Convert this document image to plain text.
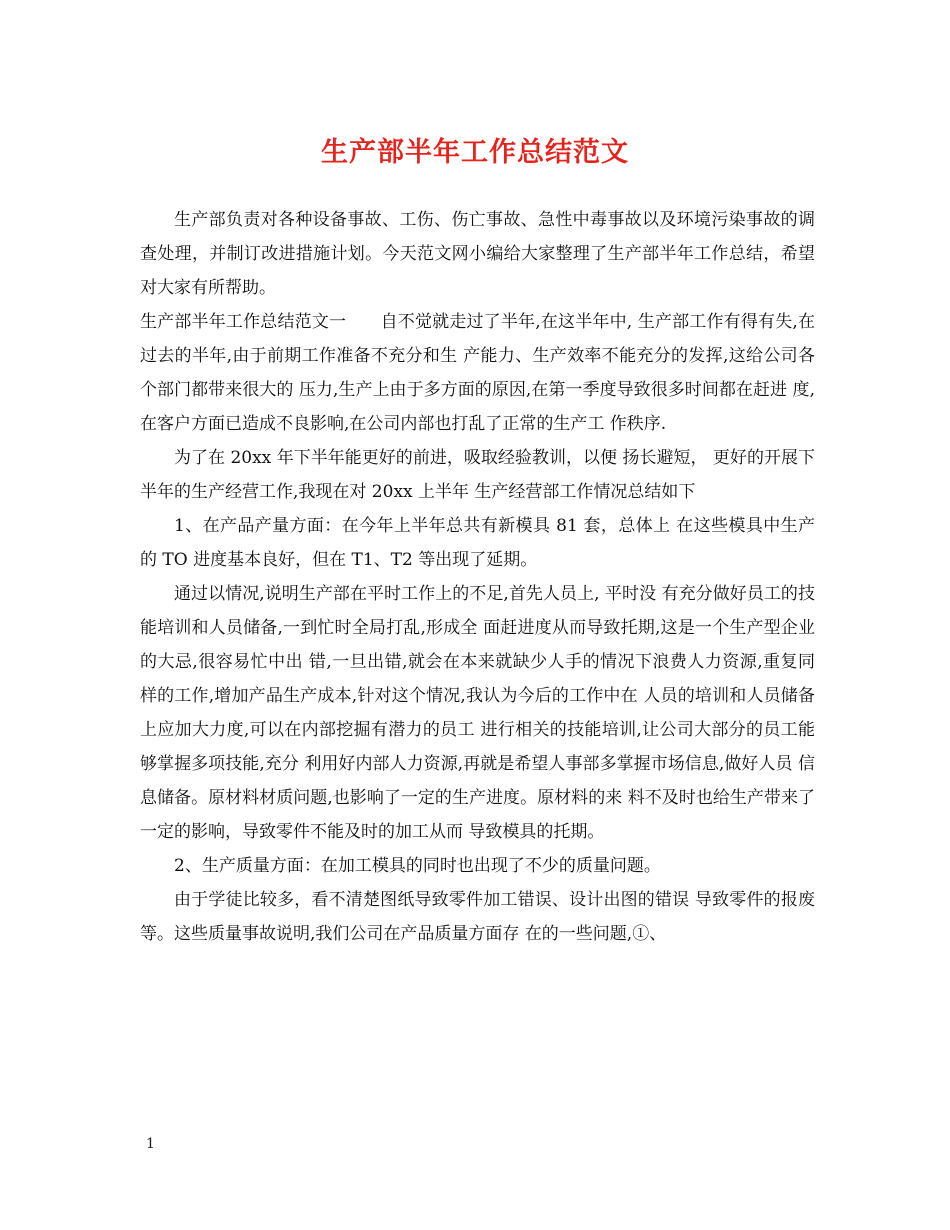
生产部半年工作总结范文

生产部负责对各种设备事故、工伤、伤亡事故、急性中毒事故以及环境污染事故的调查处理，并制订改进措施计划。今天范文网小编给大家整理了生产部半年工作总结，希望对大家有所帮助。

生产部半年工作总结范文一　　自不觉就走过了半年,在这半年中, 生产部工作有得有失,在过去的半年,由于前期工作准备不充分和生 产能力、生产效率不能充分的发挥,这给公司各个部门都带来很大的 压力,生产上由于多方面的原因,在第一季度导致很多时间都在赶进 度,在客户方面已造成不良影响,在公司内部也打乱了正常的生产工 作秩序.

为了在 20xx 年下半年能更好的前进，吸取经验教训，以便 扬长避短， 更好的开展下半年的生产经营工作,我现在对 20xx 上半年 生产经营部工作情况总结如下

1、在产品产量方面：在今年上半年总共有新模具 81 套，总体上 在这些模具中生产的 TO 进度基本良好，但在 T1、T2 等出现了延期。

通过以情况,说明生产部在平时工作上的不足,首先人员上, 平时没 有充分做好员工的技能培训和人员储备,一到忙时全局打乱,形成全 面赶进度从而导致托期,这是一个生产型企业的大忌,很容易忙中出 错,一旦出错,就会在本来就缺少人手的情况下浪费人力资源,重复同 样的工作,增加产品生产成本,针对这个情况,我认为今后的工作中在 人员的培训和人员储备上应加大力度,可以在内部挖掘有潜力的员工 进行相关的技能培训,让公司大部分的员工能够掌握多项技能,充分 利用好内部人力资源,再就是希望人事部多掌握市场信息,做好人员 信息储备。原材料材质问题,也影响了一定的生产进度。原材料的来 料不及时也给生产带来了一定的影响，导致零件不能及时的加工从而 导致模具的托期。

2、生产质量方面：在加工模具的同时也出现了不少的质量问题。

由于学徒比较多，看不清楚图纸导致零件加工错误、设计出图的错误 导致零件的报废等。这些质量事故说明,我们公司在产品质量方面存 在的一些问题,①、

1
